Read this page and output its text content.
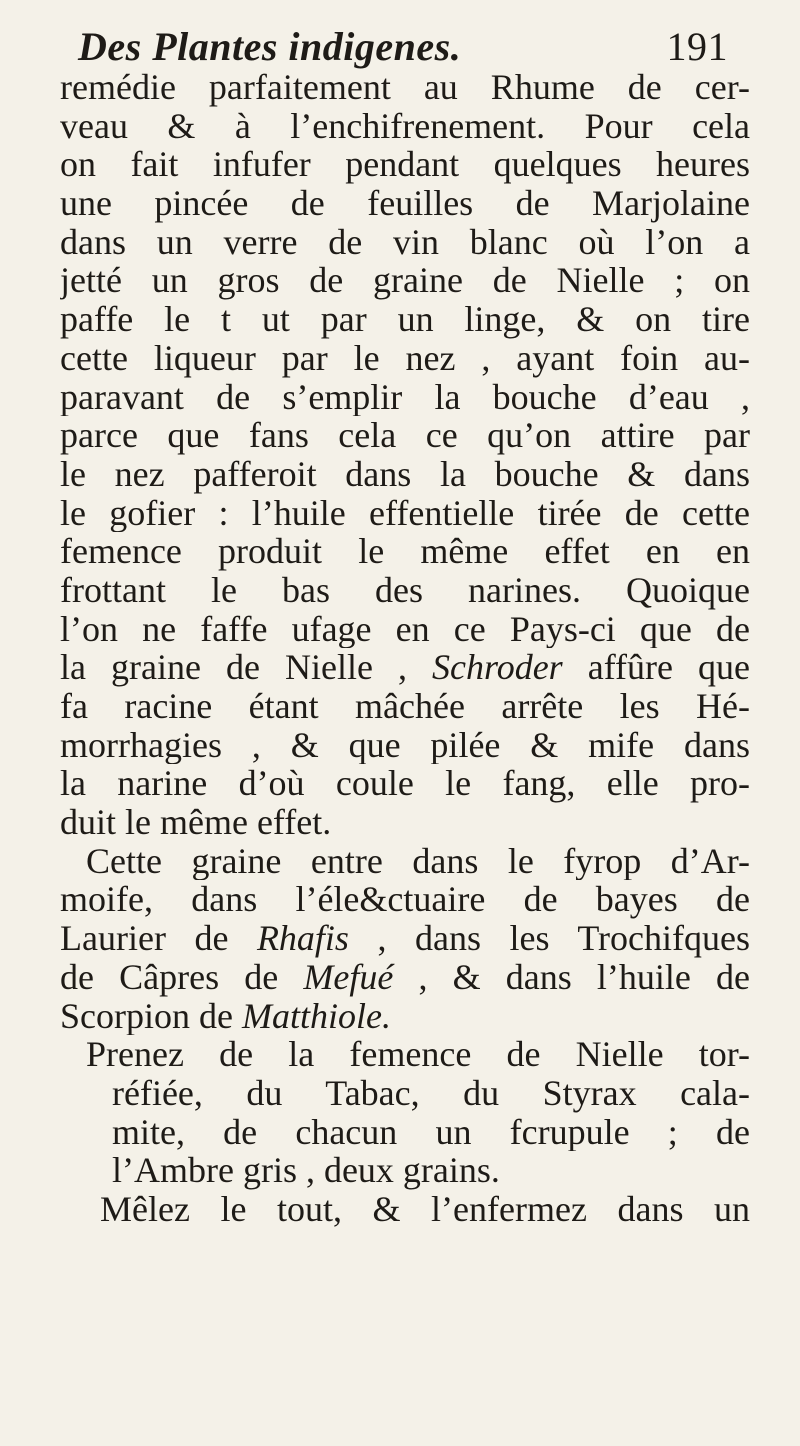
Des Plantes indigenes.	191
remédie parfaitement au Rhume de cer-
veau & à l’enchifrenement. Pour cela
on fait infufer pendant quelques heures
une pincée de feuilles de Marjolaine
dans un verre de vin blanc où l’on a
jetté un gros de graine de Nielle ; on
paffe le t ut par un linge, & on tire
cette liqueur par le nez , ayant foin au-
paravant de s’emplir la bouche d’eau ,
parce que fans cela ce qu’on attire par
le nez pafferoit dans la bouche & dans
le gofier : l’huile effentielle tirée de cette
femence produit le même effet en en
frottant le bas des narines. Quoique
l’on ne faffe ufage en ce Pays-ci que de
la graine de Nielle , Schroder affûre que
fa racine étant mâchée arrête les Hé-
morrhagies , & que pilée & mife dans
la narine d’où coule le fang, elle pro-
duit le même effet.
Cette graine entre dans le fyrop d’Ar-
moife, dans l’éle&ctuaire de bayes de
Laurier de Rhafis , dans les Trochifques
de Câpres de Mefué , & dans l’huile de
Scorpion de Matthiole.
Prenez de la femence de Nielle tor-
réfiée, du Tabac, du Styrax cala-
mite, de chacun un fcrupule ; de
l’Ambre gris , deux grains.
Mêlez le tout, & l’enfermez dans un
